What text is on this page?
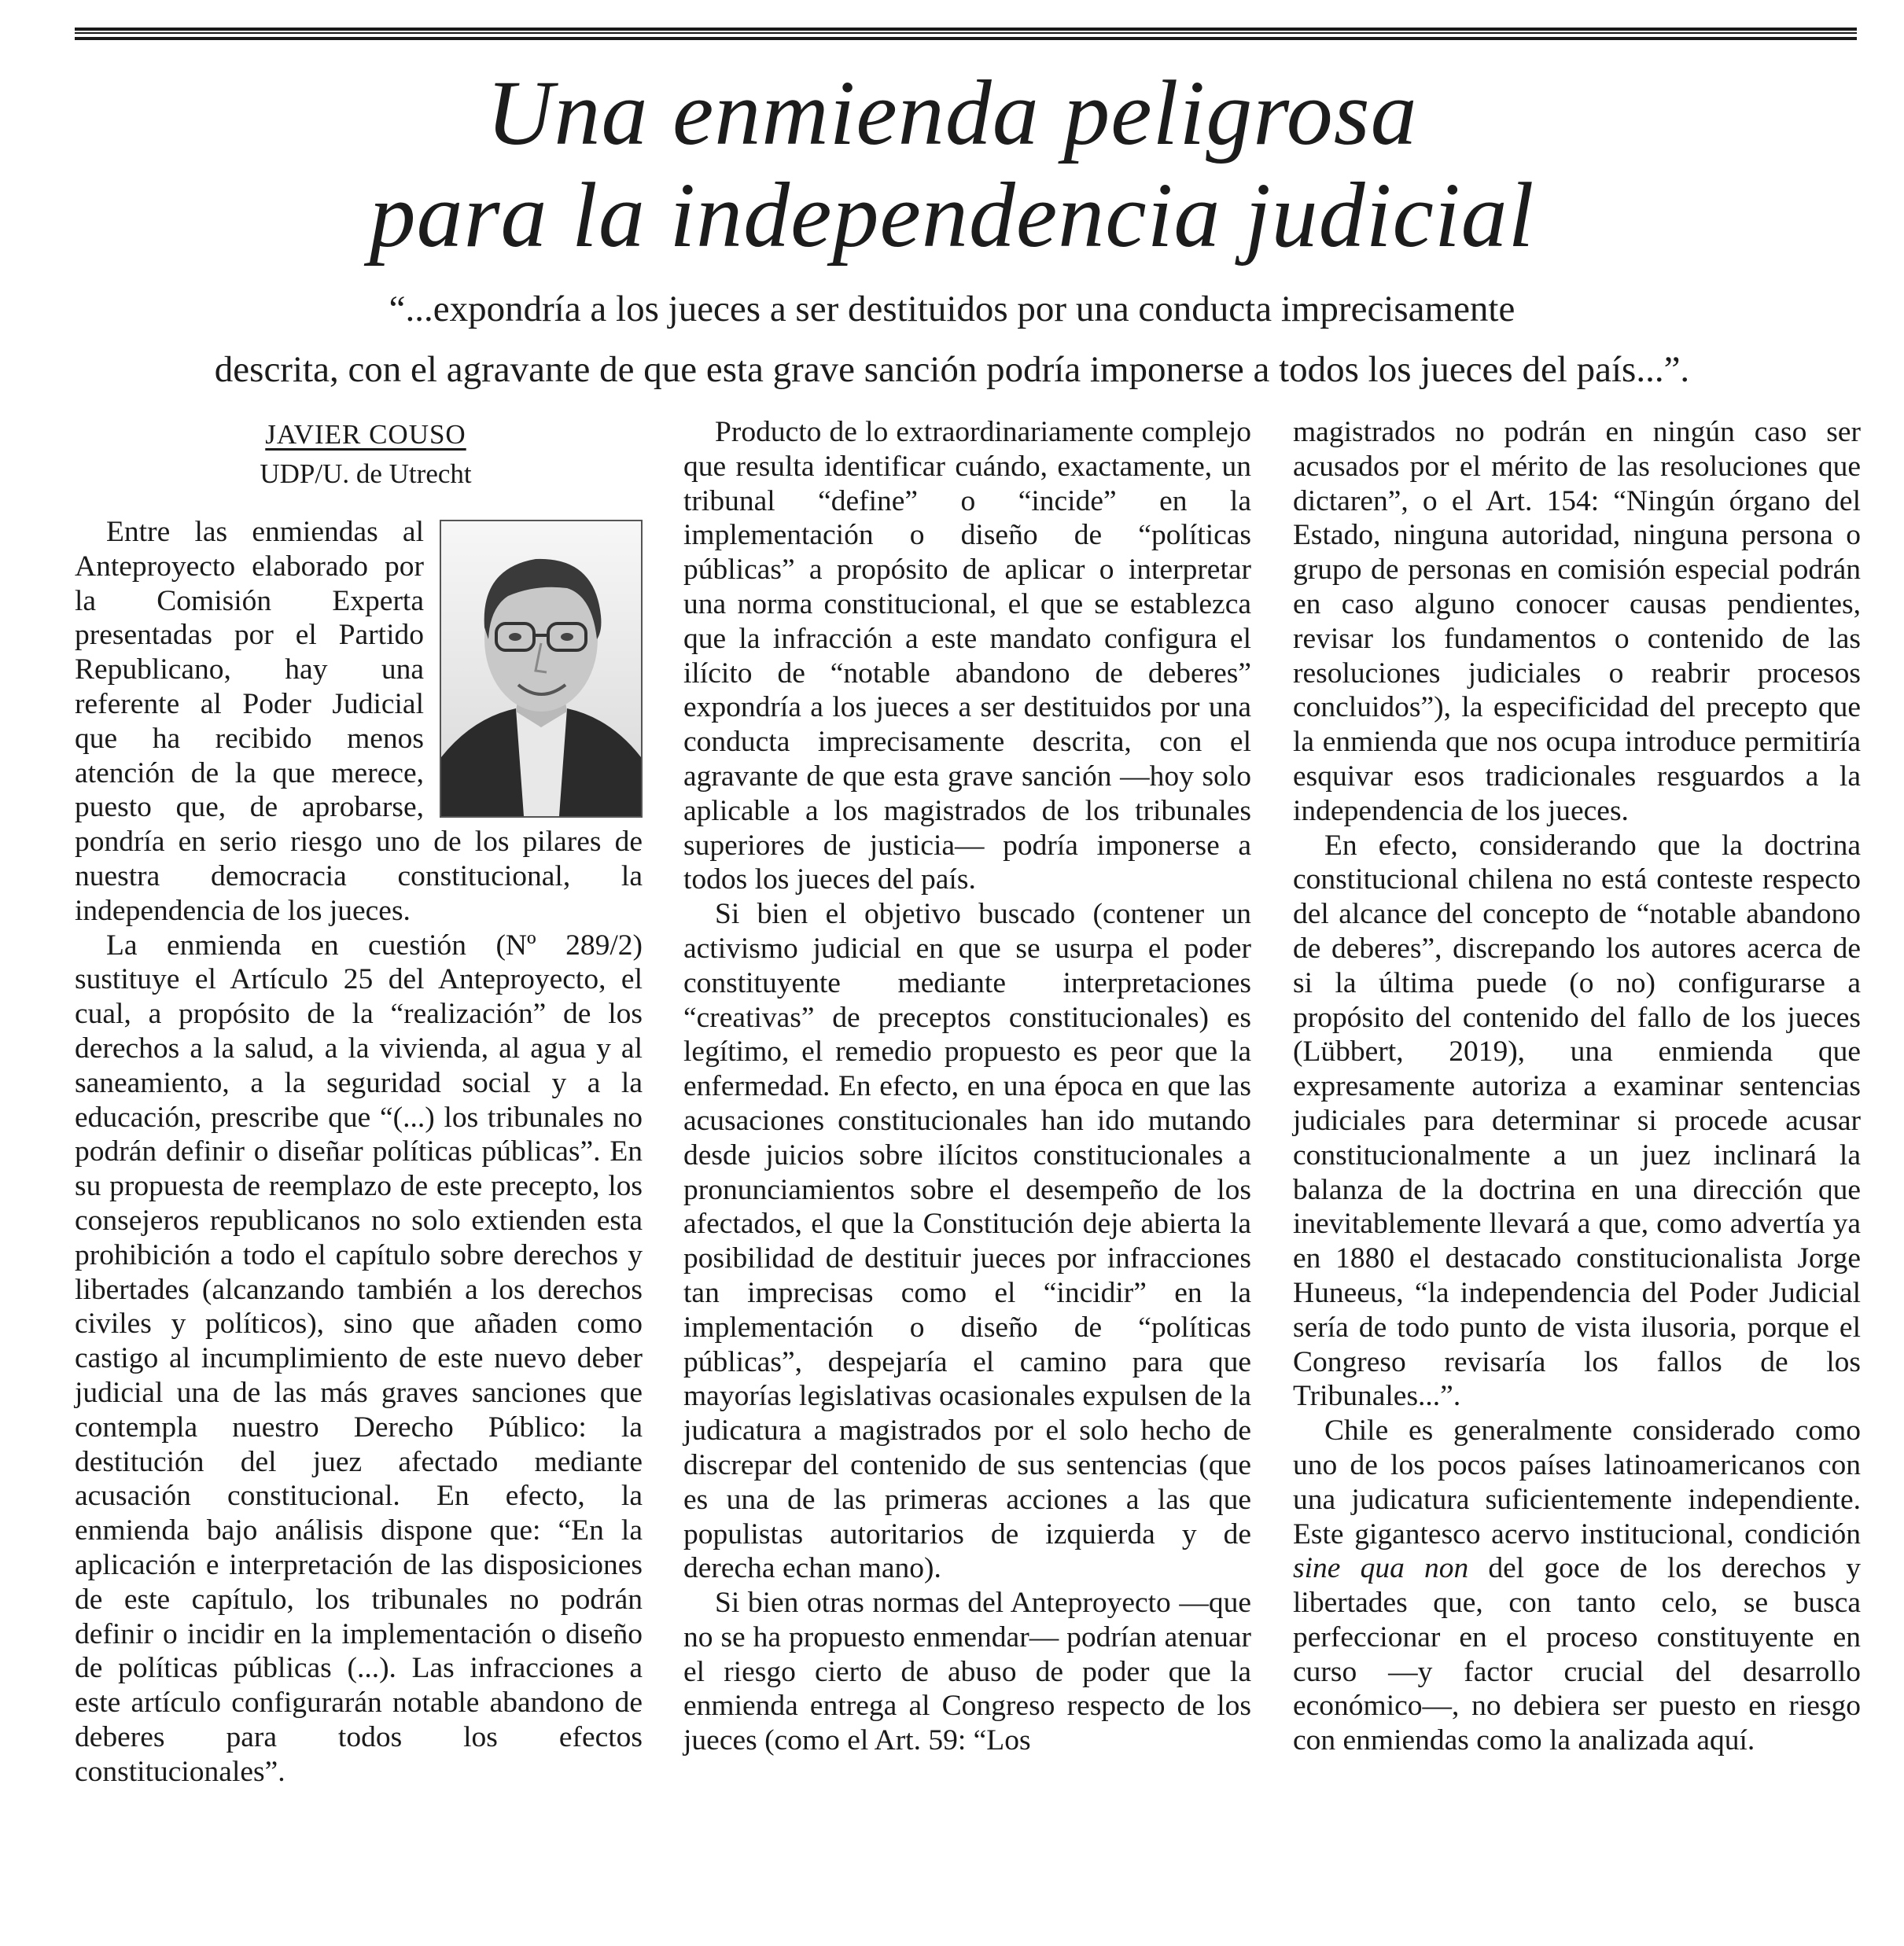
Una enmienda peligrosa
para la independencia judicial
“...expondría a los jueces a ser destituidos por una conducta imprecisamente
descrita, con el agravante de que esta grave sanción podría imponerse a todos los jueces del país...”.
JAVIER COUSO
UDP/U. de Utrecht

Entre las enmiendas al Anteproyecto elaborado por la Comisión Experta presentadas por el Partido Republicano, hay una referente al Poder Judicial que ha recibido menos atención de la que merece, puesto que, de aprobarse, pondría en serio riesgo uno de los pilares de nuestra democracia constitucional, la independencia de los jueces.

La enmienda en cuestión (Nº 289/2) sustituye el Artículo 25 del Anteproyecto, el cual, a propósito de la “realización” de los derechos a la salud, a la vivienda, al agua y al saneamiento, a la seguridad social y a la educación, prescribe que “(...) los tribunales no podrán definir o diseñar políticas públicas”. En su propuesta de reemplazo de este precepto, los consejeros republicanos no solo extienden esta prohibición a todo el capítulo sobre derechos y libertades (alcanzando también a los derechos civiles y políticos), sino que añaden como castigo al incumplimiento de este nuevo deber judicial una de las más graves sanciones que contempla nuestro Derecho Público: la destitución del juez afectado mediante acusación constitucional. En efecto, la enmienda bajo análisis dispone que: “En la aplicación e interpretación de las disposiciones de este capítulo, los tribunales no podrán definir o incidir en la implementación o diseño de políticas públicas (...). Las infracciones a este artículo configurarán notable abandono de deberes para todos los efectos constitucionales”.

Producto de lo extraordinariamente complejo que resulta identificar cuándo, exactamente, un tribunal “define” o “incide” en la implementación o diseño de “políticas públicas” a propósito de aplicar o interpretar una norma constitucional, el que se establezca que la infracción a este mandato configura el ilícito de “notable abandono de deberes” expondría a los jueces a ser destituidos por una conducta imprecisamente descrita, con el agravante de que esta grave sanción —hoy solo aplicable a los magistrados de los tribunales superiores de justicia— podría imponerse a todos los jueces del país.

Si bien el objetivo buscado (contener un activismo judicial en que se usurpa el poder constituyente mediante interpretaciones “creativas” de preceptos constitucionales) es legítimo, el remedio propuesto es peor que la enfermedad. En efecto, en una época en que las acusaciones constitucionales han ido mutando desde juicios sobre ilícitos constitucionales a pronunciamientos sobre el desempeño de los afectados, el que la Constitución deje abierta la posibilidad de destituir jueces por infracciones tan imprecisas como el “incidir” en la implementación o diseño de “políticas públicas”, despejaría el camino para que mayorías legislativas ocasionales expulsen de la judicatura a magistrados por el solo hecho de discrepar del contenido de sus sentencias (que es una de las primeras acciones a las que populistas autoritarios de izquierda y de derecha echan mano).

Si bien otras normas del Anteproyecto —que no se ha propuesto enmendar— podrían atenuar el riesgo cierto de abuso de poder que la enmienda entrega al Congreso respecto de los jueces (como el Art. 59: “Los

magistrados no podrán en ningún caso ser acusados por el mérito de las resoluciones que dictaren”, o el Art. 154: “Ningún órgano del Estado, ninguna autoridad, ninguna persona o grupo de personas en comisión especial podrán en caso alguno conocer causas pendientes, revisar los fundamentos o contenido de las resoluciones judiciales o reabrir procesos concluidos”), la especificidad del precepto que la enmienda que nos ocupa introduce permitiría esquivar esos tradicionales resguardos a la independencia de los jueces.

En efecto, considerando que la doctrina constitucional chilena no está conteste respecto del alcance del concepto de “notable abandono de deberes”, discrepando los autores acerca de si la última puede (o no) configurarse a propósito del contenido del fallo de los jueces (Lübbert, 2019), una enmienda que expresamente autoriza a examinar sentencias judiciales para determinar si procede acusar constitucionalmente a un juez inclinará la balanza de la doctrina en una dirección que inevitablemente llevará a que, como advertía ya en 1880 el destacado constitucionalista Jorge Huneeus, “la independencia del Poder Judicial sería de todo punto de vista ilusoria, porque el Congreso revisaría los fallos de los Tribunales...”.

Chile es generalmente considerado como uno de los pocos países latinoamericanos con una judicatura suficientemente independiente. Este gigantesco acervo institucional, condición sine qua non del goce de los derechos y libertades que, con tanto celo, se busca perfeccionar en el proceso constituyente en curso —y factor crucial del desarrollo económico—, no debiera ser puesto en riesgo con enmiendas como la analizada aquí.
